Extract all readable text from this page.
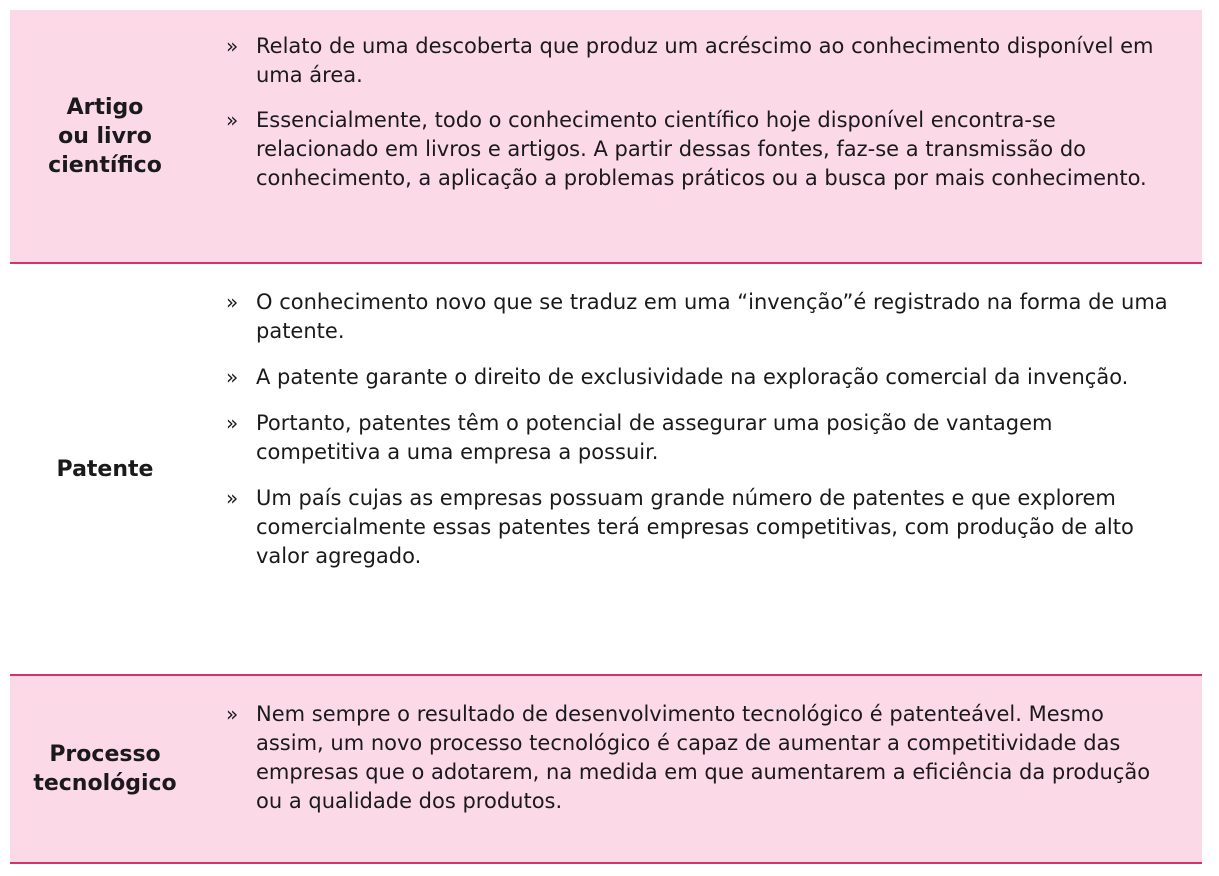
Artigo
ou livro
científico
» Relato de uma descoberta que produz um acréscimo ao conhecimento disponível em uma área.
» Essencialmente, todo o conhecimento científico hoje disponível encontra-se relacionado em livros e artigos. A partir dessas fontes, faz-se a transmissão do conhecimento, a aplicação a problemas práticos ou a busca por mais conhecimento.
Patente
» O conhecimento novo que se traduz em uma “invenção”é registrado na forma de uma patente.
» A patente garante o direito de exclusividade na exploração comercial da invenção.
» Portanto, patentes têm o potencial de assegurar uma posição de vantagem competitiva a uma empresa a possuir.
» Um país cujas as empresas possuam grande número de patentes e que explorem comercialmente essas patentes terá empresas competitivas, com produção de alto valor agregado.
Processo
tecnológico
» Nem sempre o resultado de desenvolvimento tecnológico é patenteável. Mesmo assim, um novo processo tecnológico é capaz de aumentar a competitividade das empresas que o adotarem, na medida em que aumentarem a eficiência da produção ou a qualidade dos produtos.
